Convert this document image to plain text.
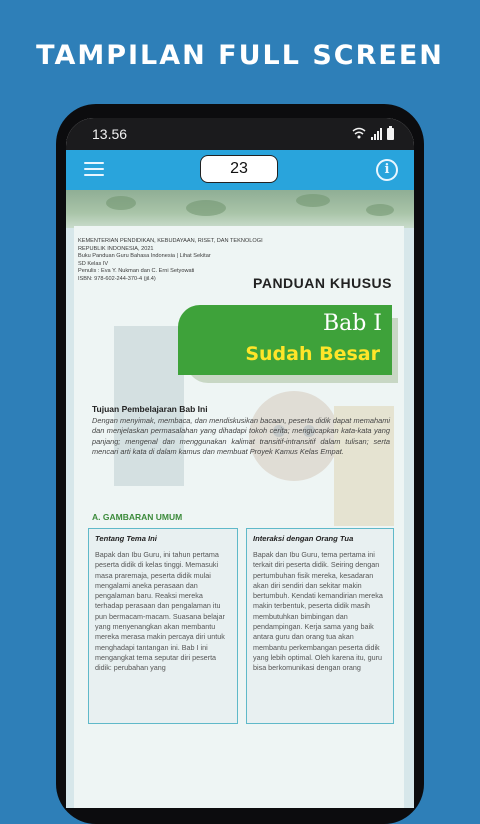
TAMPILAN FULL SCREEN
13.56
23	i
KEMENTERIAN PENDIDIKAN, KEBUDAYAAN, RISET, DAN TEKNOLOGI
REPUBLIK INDONESIA, 2021
Buku Panduan Guru Bahasa Indonesia | Lihat Sekitar
SD Kelas IV
Penulis : Eva Y. Nukman dan C. Erni Setyowati
ISBN: 978-602-244-370-4 (jil.4)	PANDUAN KHUSUS
Bab I
Sudah Besar
Tujuan Pembelajaran Bab Ini
Dengan menyimak, membaca, dan mendiskusikan bacaan, peserta didik dapat memahami dan menjelaskan permasalahan yang dihadapi tokoh cerita; mengucapkan kata-kata yang panjang; mengenal dan menggunakan kalimat transitif-intransitif dalam tulisan; serta mencari arti kata di dalam kamus dan membuat Proyek Kamus Kelas Empat.
A. GAMBARAN UMUM
Tentang Tema Ini

Bapak dan Ibu Guru, ini tahun pertama peserta didik di kelas tinggi. Memasuki masa praremaja, peserta didik mulai mengalami aneka perasaan dan pengalaman baru. Reaksi mereka terhadap perasaan dan pengalaman itu pun bermacam-macam. Suasana belajar yang menyenangkan akan membantu mereka merasa makin percaya diri untuk menghadapi tantangan ini. Bab I ini mengangkat tema seputar diri peserta didik: perubahan yang

Interaksi dengan Orang Tua

Bapak dan Ibu Guru, tema pertama ini terkait diri peserta didik. Seiring dengan pertumbuhan fisik mereka, kesadaran akan diri sendiri dan sekitar makin bertumbuh. Kendati kemandirian mereka makin terbentuk, peserta didik masih membutuhkan bimbingan dan pendampingan. Kerja sama yang baik antara guru dan orang tua akan membantu perkembangan peserta didik yang lebih optimal. Oleh karena itu, guru bisa berkomunikasi dengan orang
